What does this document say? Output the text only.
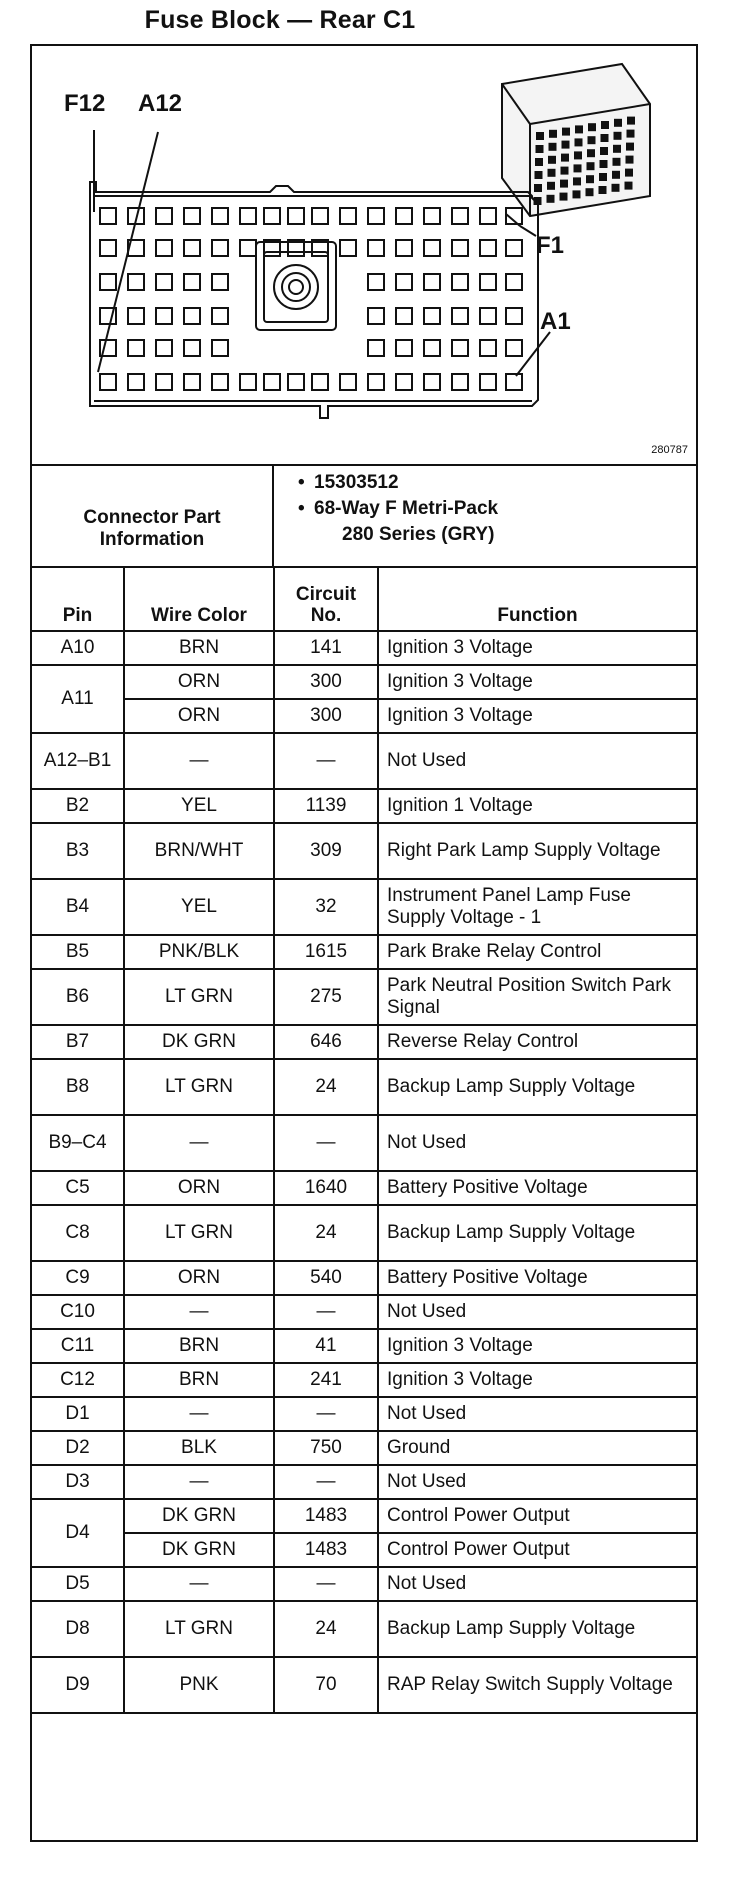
Fuse Block — Rear C1
F12 A12
F1
A1
280787
Connector Part Information
• 15303512
• 68-Way F Metri-Pack
280 Series (GRY)
Pin	Wire Color	Circuit No.	Function
A10	BRN	141	Ignition 3 Voltage
A11	ORN	300	Ignition 3 Voltage
	ORN	300	Ignition 3 Voltage
A12–B1	—	—	Not Used
B2	YEL	1139	Ignition 1 Voltage
B3	BRN/WHT	309	Right Park Lamp Supply Voltage
B4	YEL	32	Instrument Panel Lamp Fuse Supply Voltage - 1
B5	PNK/BLK	1615	Park Brake Relay Control
B6	LT GRN	275	Park Neutral Position Switch Park Signal
B7	DK GRN	646	Reverse Relay Control
B8	LT GRN	24	Backup Lamp Supply Voltage
B9–C4	—	—	Not Used
C5	ORN	1640	Battery Positive Voltage
C8	LT GRN	24	Backup Lamp Supply Voltage
C9	ORN	540	Battery Positive Voltage
C10	—	—	Not Used
C11	BRN	41	Ignition 3 Voltage
C12	BRN	241	Ignition 3 Voltage
D1	—	—	Not Used
D2	BLK	750	Ground
D3	—	—	Not Used
D4	DK GRN	1483	Control Power Output
	DK GRN	1483	Control Power Output
D5	—	—	Not Used
D8	LT GRN	24	Backup Lamp Supply Voltage
D9	PNK	70	RAP Relay Switch Supply Voltage
